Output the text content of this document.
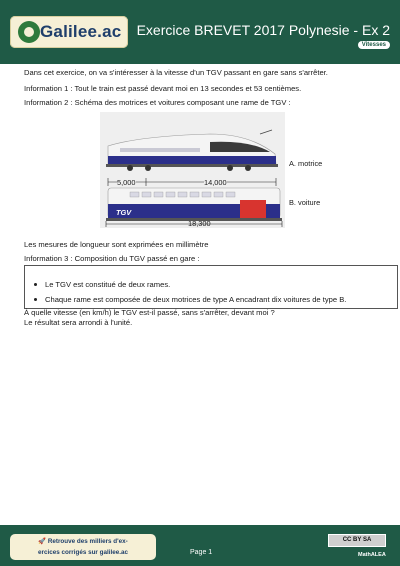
Galilee.ac Exercice BREVET 2017 Polynesie - Ex 2
Vitesses

Dans cet exercice, on va s'intéresser à la vitesse d'un TGV passant en gare sans s'arrêter.

Information 1 : Tout le train est passé devant moi en 13 secondes et 53 centièmes.

Information 2 : Schéma des motrices et voitures composant une rame de TGV :

TGV
5,000	14,000
A. motrice
B. voiture
18,300

Les mesures de longueur sont exprimées en millimètre

Information 3 : Composition du TGV passé en gare :

Le TGV est constitué de deux rames.
Chaque rame est composée de deux motrices de type A encadrant dix voitures de type B.

À quelle vitesse (en km/h) le TGV est-il passé, sans s'arrêter, devant moi ?

Le résultat sera arrondi à l'unité.

🚀 Retrouve des milliers d'ex-
ercices corrigés sur galilee.ac	Page 1
CC BY SA
MathALEA
